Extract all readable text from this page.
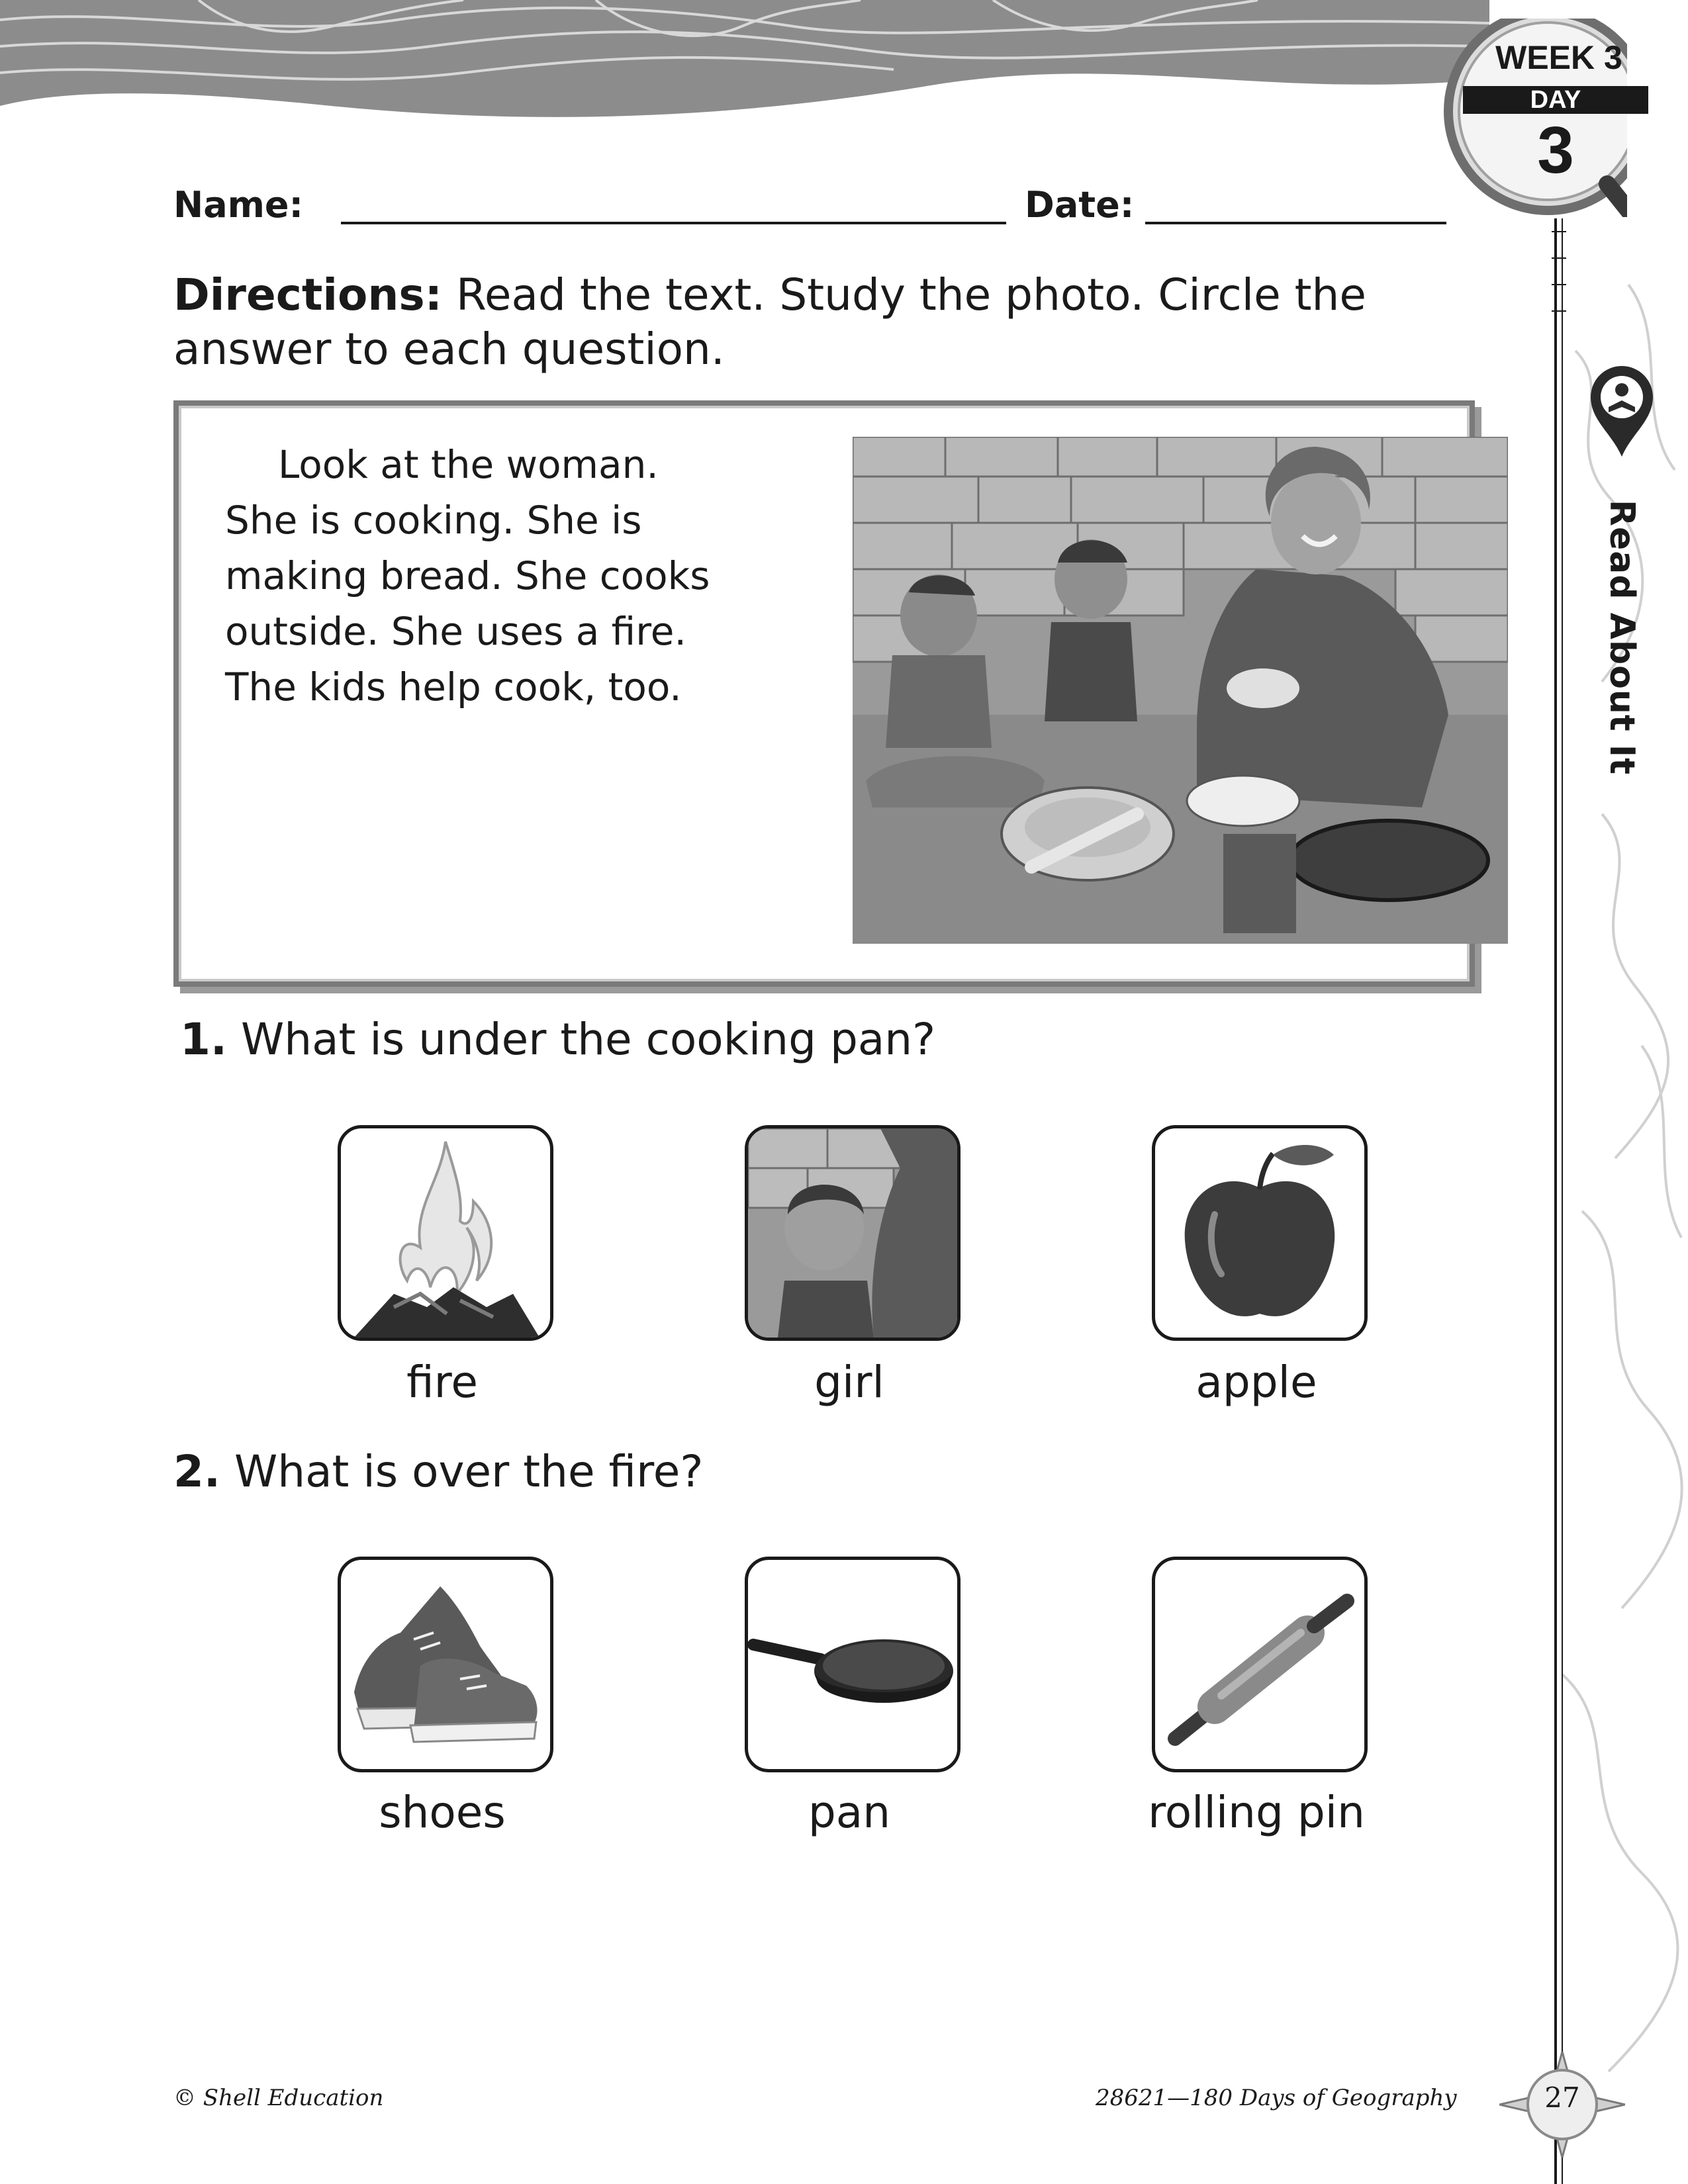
WEEK 3
DAY
3
Read About It
Name:	Date:
Directions: Read the text. Study the photo. Circle the answer to each question.
Look at the woman.
She is cooking. She is
making bread. She cooks
outside. She uses a fire.
The kids help cook, too.
1. What is under the cooking pan?
fire	girl	apple
2. What is over the fire?
shoes	pan	rolling pin
© Shell Education	28621—180 Days of Geography	27
